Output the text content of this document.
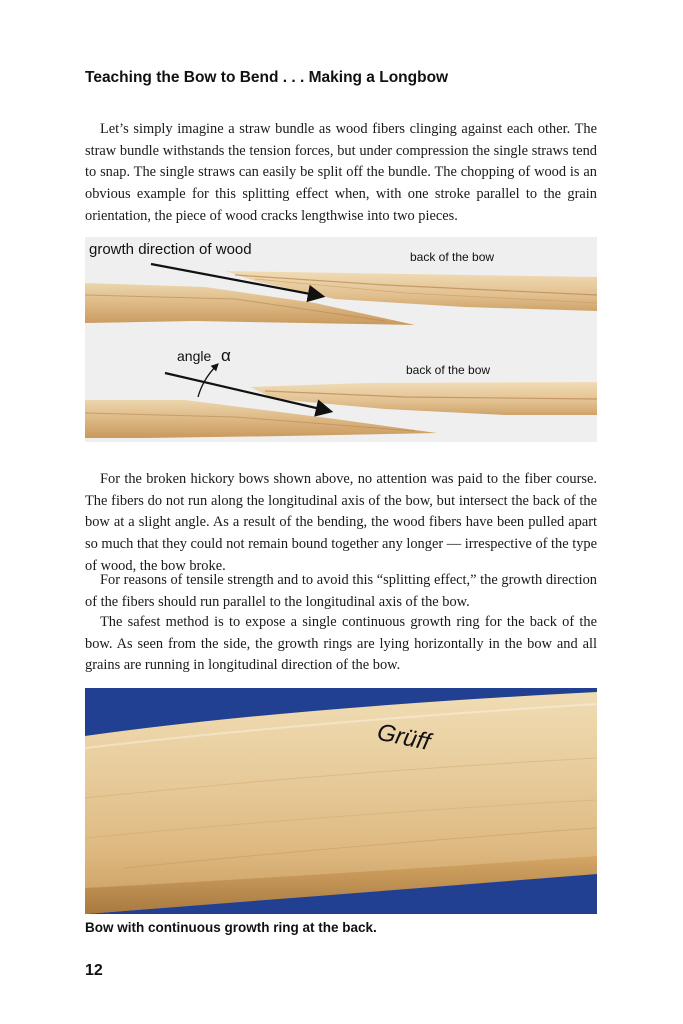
Teaching the Bow to Bend . . . Making a Longbow

Let’s simply imagine a straw bundle as wood fibers clinging against each other. The straw bundle withstands the tension forces, but under compression the single straws tend to snap. The single straws can easily be split off the bundle. The chopping of wood is an obvious example for this splitting effect when, with one stroke parallel to the grain orientation, the piece of wood cracks lengthwise into two pieces.

growth direction of wood	back of the bow
angle α
back of the bow

For the broken hickory bows shown above, no attention was paid to the fiber course. The fibers do not run along the longitudinal axis of the bow, but intersect the back of the bow at a slight angle. As a result of the bending, the wood fibers have been pulled apart so much that they could not remain bound together any longer — irrespective of the type of wood, the bow broke.

For reasons of tensile strength and to avoid this “splitting effect,” the growth direction of the fibers should run parallel to the longitudinal axis of the bow.

The safest method is to expose a single continuous growth ring for the back of the bow. As seen from the side, the growth rings are lying horizontally in the bow and all grains are running in longitudinal direction of the bow.

Grüff
Bow with continuous growth ring at the back.
12
